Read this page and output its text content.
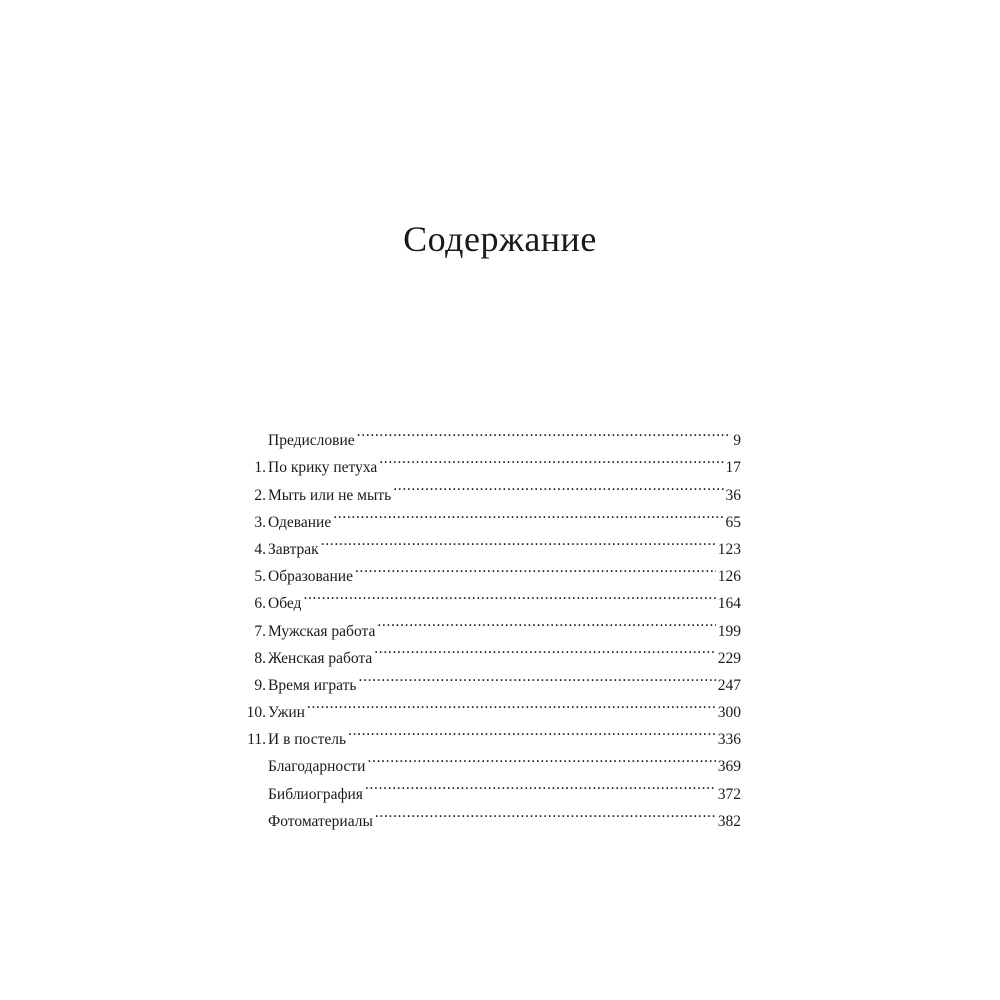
Содержание
Предисловие . . .	9
1. По крику петуха . . .	17
2. Мыть или не мыть . . .	36
3. Одевание . . .	65
4. Завтрак . . .	123
5. Образование . . .	126
6. Обед . . .	164
7. Мужская работа . . .	199
8. Женская работа . . .	229
9. Время играть . . .	247
10. Ужин . . .	300
11. И в постель . . .	336
Благодарности . . .	369
Библиография . . .	372
Фотоматериалы . . .	382
